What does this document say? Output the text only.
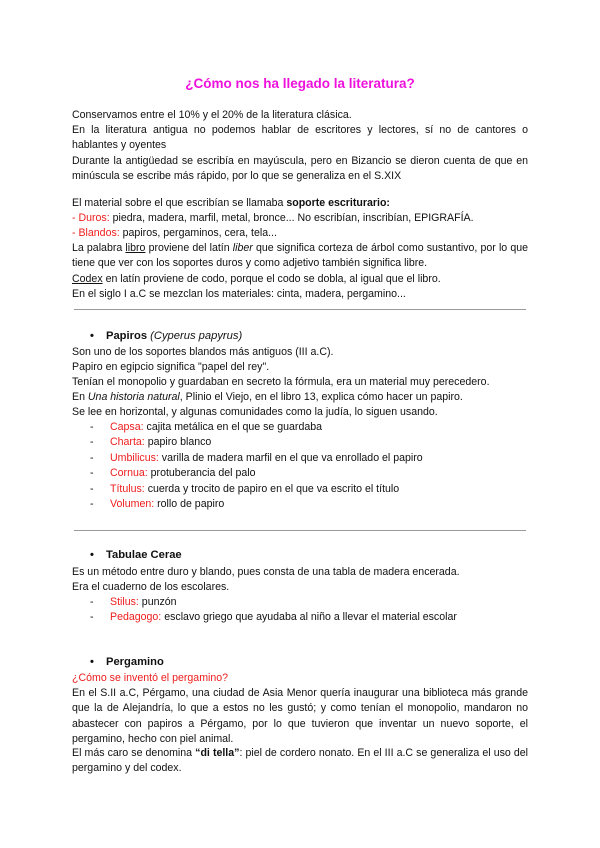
¿Cómo nos ha llegado la literatura?
Conservamos entre el 10% y el 20% de la literatura clásica.
En la literatura antigua no podemos hablar de escritores y lectores, sí no de cantores o hablantes y oyentes
Durante la antigüedad se escribía en mayúscula, pero en Bizancio se dieron cuenta de que en minúscula se escribe más rápido, por lo que se generaliza en el S.XIX
El material sobre el que escribían se llamaba soporte escriturario:
- Duros: piedra, madera, marfil, metal, bronce... No escribían, inscribían, EPIGRAFÍA.
- Blandos: papiros, pergaminos, cera, tela...
La palabra libro proviene del latín liber que significa corteza de árbol como sustantivo, por lo que tiene que ver con los soportes duros y como adjetivo también significa libre.
Codex en latín proviene de codo, porque el codo se dobla, al igual que el libro.
En el siglo I a.C se mezclan los materiales: cinta, madera, pergamino...
• Papiros (Cyperus papyrus)
Son uno de los soportes blandos más antiguos (III a.C).
Papiro en egipcio significa "papel del rey".
Tenían el monopolio y guardaban en secreto la fórmula, era un material muy perecedero.
En Una historia natural, Plinio el Viejo, en el libro 13, explica cómo hacer un papiro.
Se lee en horizontal, y algunas comunidades como la judía, lo siguen usando.
- Capsa: cajita metálica en el que se guardaba
- Charta: papiro blanco
- Umbilicus: varilla de madera marfil en el que va enrollado el papiro
- Cornua: protuberancia del palo
- Títulus: cuerda y trocito de papiro en el que va escrito el título
- Volumen: rollo de papiro
• Tabulae Cerae
Es un método entre duro y blando, pues consta de una tabla de madera encerada.
Era el cuaderno de los escolares.
- Stilus: punzón
- Pedagogo: esclavo griego que ayudaba al niño a llevar el material escolar
• Pergamino
¿Cómo se inventó el pergamino?
En el S.II a.C, Pérgamo, una ciudad de Asia Menor quería inaugurar una biblioteca más grande que la de Alejandría, lo que a estos no les gustó; y como tenían el monopolio, mandaron no abastecer con papiros a Pérgamo, por lo que tuvieron que inventar un nuevo soporte, el pergamino, hecho con piel animal.
El más caro se denomina “di tella”: piel de cordero nonato. En el III a.C se generaliza el uso del pergamino y del codex.
